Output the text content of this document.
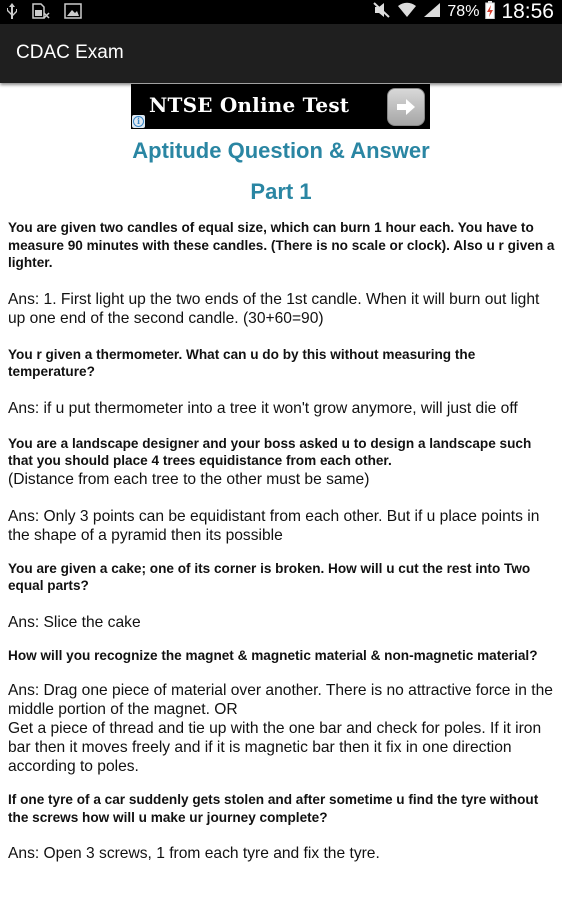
78% 18:56
CDAC Exam
NTSE Online Test
i
Aptitude Question & Answer
Part 1

You are given two candles of equal size, which can burn 1 hour each. You have to measure 90 minutes with these candles. (There is no scale or clock). Also u r given a lighter.

Ans: 1. First light up the two ends of the 1st candle. When it will burn out light up one end of the second candle. (30+60=90)

You r given a thermometer. What can u do by this without measuring the temperature?

Ans: if u put thermometer into a tree it won't grow anymore, will just die off

You are a landscape designer and your boss asked u to design a landscape such that you should place 4 trees equidistance from each other.

(Distance from each tree to the other must be same)

Ans: Only 3 points can be equidistant from each other. But if u place points in the shape of a pyramid then its possible

You are given a cake; one of its corner is broken. How will u cut the rest into Two equal parts?

Ans: Slice the cake

How will you recognize the magnet & magnetic material & non-magnetic material?

Ans: Drag one piece of material over another. There is no attractive force in the middle portion of the magnet. OR

Get a piece of thread and tie up with the one bar and check for poles. If it iron bar then it moves freely and if it is magnetic bar then it fix in one direction according to poles.

If one tyre of a car suddenly gets stolen and after sometime u find the tyre without the screws how will u make ur journey complete?

Ans: Open 3 screws, 1 from each tyre and fix the tyre.
